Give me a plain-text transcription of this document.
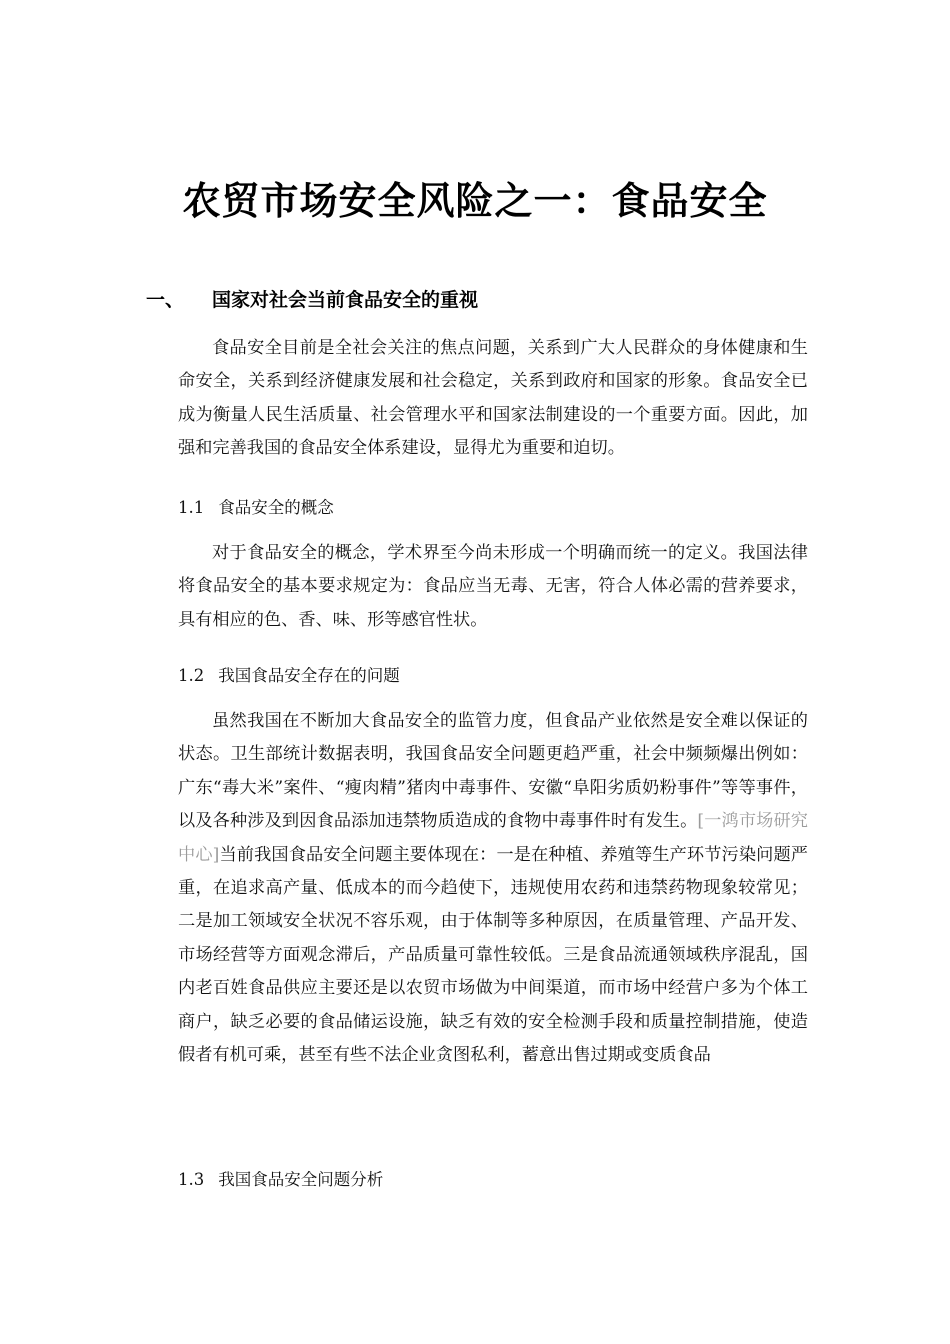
农贸市场安全风险之一：食品安全
一、 国家对社会当前食品安全的重视

食品安全目前是全社会关注的焦点问题，关系到广大人民群众的身体健康和生命安全，关系到经济健康发展和社会稳定，关系到政府和国家的形象。食品安全已成为衡量人民生活质量、社会管理水平和国家法制建设的一个重要方面。因此，加强和完善我国的食品安全体系建设，显得尤为重要和迫切。

1.1 食品安全的概念

对于食品安全的概念，学术界至今尚未形成一个明确而统一的定义。我国法律将食品安全的基本要求规定为：食品应当无毒、无害，符合人体必需的营养要求，具有相应的色、香、味、形等感官性状。

1.2 我国食品安全存在的问题

虽然我国在不断加大食品安全的监管力度，但食品产业依然是安全难以保证的状态。卫生部统计数据表明，我国食品安全问题更趋严重，社会中频频爆出例如：广东“毒大米”案件、“瘦肉精”猪肉中毒事件、安徽“阜阳劣质奶粉事件”等等事件，以及各种涉及到因食品添加违禁物质造成的食物中毒事件时有发生。[一鸿市场研究中心]当前我国食品安全问题主要体现在：一是在种植、养殖等生产环节污染问题严重，在追求高产量、低成本的而今趋使下，违规使用农药和违禁药物现象较常见；二是加工领域安全状况不容乐观，由于体制等多种原因，在质量管理、产品开发、市场经营等方面观念滞后，产品质量可靠性较低。三是食品流通领域秩序混乱，国内老百姓食品供应主要还是以农贸市场做为中间渠道，而市场中经营户多为个体工商户，缺乏必要的食品储运设施，缺乏有效的安全检测手段和质量控制措施，使造假者有机可乘，甚至有些不法企业贪图私利，蓄意出售过期或变质食品

1.3 我国食品安全问题分析
